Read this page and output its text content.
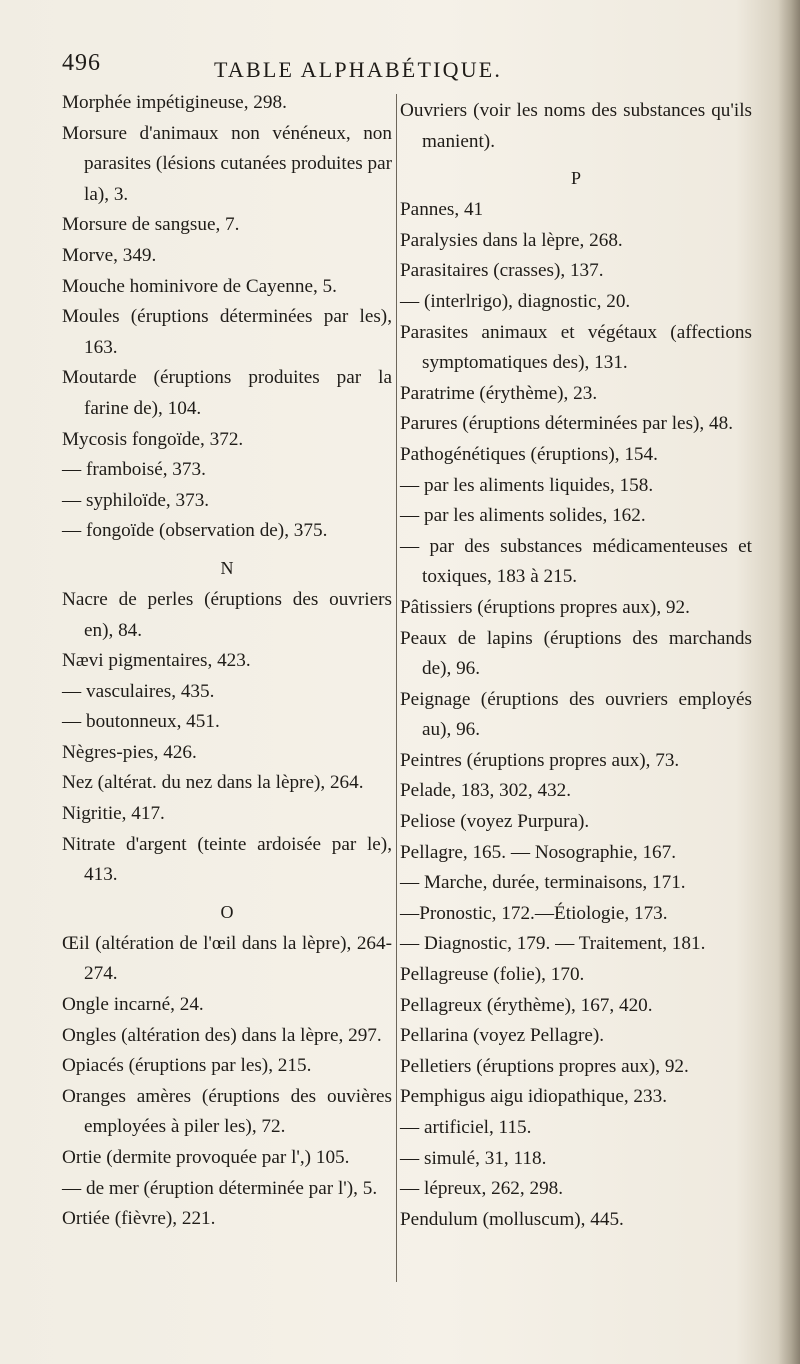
496	TABLE ALPHABÉTIQUE.

Morphée impétigineuse, 298.

Morsure d'animaux non vénéneux, non parasites (lésions cutanées produites par la), 3.

Morsure de sangsue, 7.

Morve, 349.

Mouche hominivore de Cayenne, 5.

Moules (éruptions déterminées par les), 163.

Moutarde (éruptions produites par la farine de), 104.

Mycosis fongoïde, 372.

— framboisé, 373.

— syphiloïde, 373.

— fongoïde (observation de), 375.

N

Nacre de perles (éruptions des ouvriers en), 84.

Nævi pigmentaires, 423.

— vasculaires, 435.

— boutonneux, 451.

Nègres-pies, 426.

Nez (altérat. du nez dans la lèpre), 264.

Nigritie, 417.

Nitrate d'argent (teinte ardoisée par le), 413.

O

Œil (altération de l'œil dans la lèpre), 264-274.

Ongle incarné, 24.

Ongles (altération des) dans la lèpre, 297.

Opiacés (éruptions par les), 215.

Oranges amères (éruptions des ouvières employées à piler les), 72.

Ortie (dermite provoquée par l',) 105.

— de mer (éruption déterminée par l'), 5.

Ortiée (fièvre), 221.

Ouvriers (voir les noms des substances qu'ils manient).

P

Pannes, 41

Paralysies dans la lèpre, 268.

Parasitaires (crasses), 137.

— (interlrigo), diagnostic, 20.

Parasites animaux et végétaux (affections symptomatiques des), 131.

Paratrime (érythème), 23.

Parures (éruptions déterminées par les), 48.

Pathogénétiques (éruptions), 154.

— par les aliments liquides, 158.

— par les aliments solides, 162.

— par des substances médicamenteuses et toxiques, 183 à 215.

Pâtissiers (éruptions propres aux), 92.

Peaux de lapins (éruptions des marchands de), 96.

Peignage (éruptions des ouvriers employés au), 96.

Peintres (éruptions propres aux), 73.

Pelade, 183, 302, 432.

Peliose (voyez Purpura).

Pellagre, 165. — Nosographie, 167.

— Marche, durée, terminaisons, 171.

—Pronostic, 172.—Étiologie, 173.

— Diagnostic, 179. — Traitement, 181.

Pellagreuse (folie), 170.

Pellagreux (érythème), 167, 420.

Pellarina (voyez Pellagre).

Pelletiers (éruptions propres aux), 92.

Pemphigus aigu idiopathique, 233.

— artificiel, 115.

— simulé, 31, 118.

— lépreux, 262, 298.

Pendulum (molluscum), 445.
